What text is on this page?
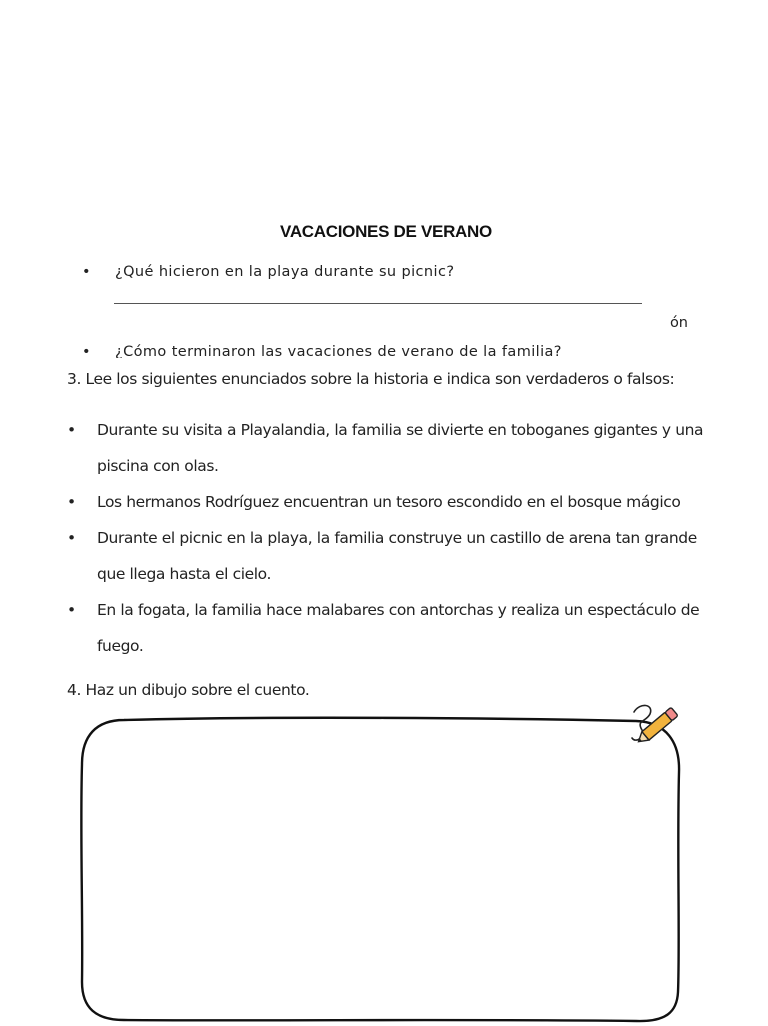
VACACIONES DE VERANO
• ¿Qué hicieron en la playa durante su picnic?
ón
• ¿Cómo terminaron las vacaciones de verano de la familia?
3. Lee los siguientes enunciados sobre la historia e indica son verdaderos o falsos:
• Durante su visita a Playalandia, la familia se divierte en toboganes gigantes y una piscina con olas.
• Los hermanos Rodríguez encuentran un tesoro escondido en el bosque mágico
• Durante el picnic en la playa, la familia construye un castillo de arena tan grande que llega hasta el cielo.
• En la fogata, la familia hace malabares con antorchas y realiza un espectáculo de fuego.
4. Haz un dibujo sobre el cuento.
